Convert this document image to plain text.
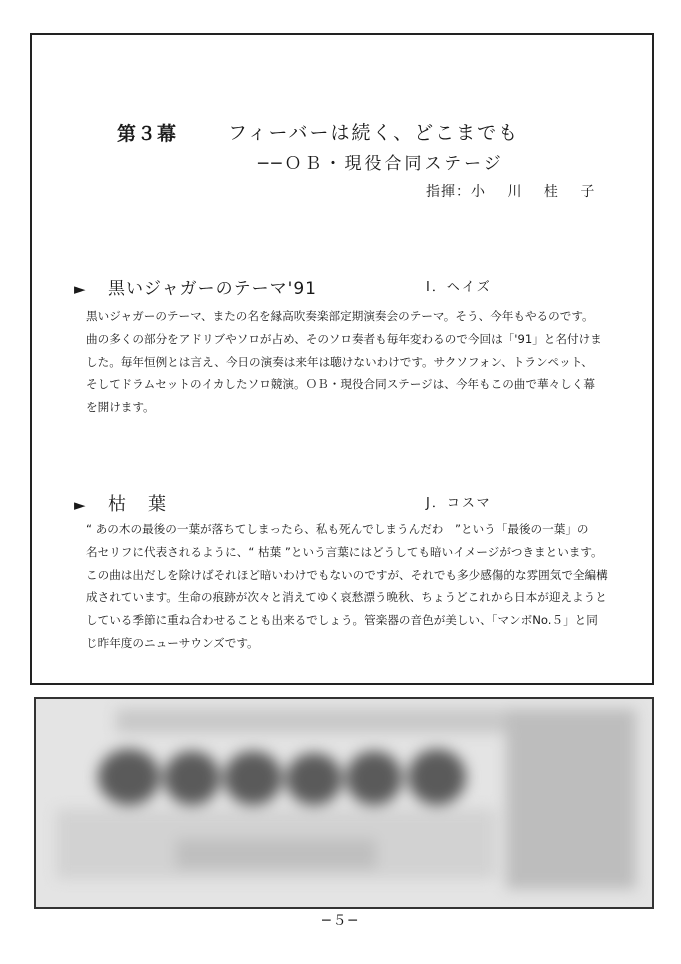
第３幕	フィーバーは続く、どこまでも
──ＯＢ・現役合同ステージ
指揮：小 川 桂 子
► 黒いジャガーのテーマ'91	I．ヘイズ
黒いジャガーのテーマ、またの名を縁高吹奏楽部定期演奏会のテーマ。そう、今年もやるのです。
曲の多くの部分をアドリブやソロが占め、そのソロ奏者も毎年変わるので今回は「'91」と名付けま
した。毎年恒例とは言え、今日の演奏は来年は聴けないわけです。サクソフォン、トランペット、
そしてドラムセットのイカしたソロ競演。ＯＢ・現役合同ステージは、今年もこの曲で華々しく幕
を開けます。
► 枯葉	J．コスマ
“ あの木の最後の一葉が落ちてしまったら、私も死んでしまうんだわ　”という「最後の一葉」の
名セリフに代表されるように、“ 枯葉 ”という言葉にはどうしても暗いイメージがつきまといます。
この曲は出だしを除けばそれほど暗いわけでもないのですが、それでも多少感傷的な雰囲気で全編構
成されています。生命の痕跡が次々と消えてゆく哀愁漂う晩秋、ちょうどこれから日本が迎えようと
している季節に重ね合わせることも出来るでしょう。管楽器の音色が美しい、「マンボNo.５」と同
じ昨年度のニューサウンズです。
─５─
